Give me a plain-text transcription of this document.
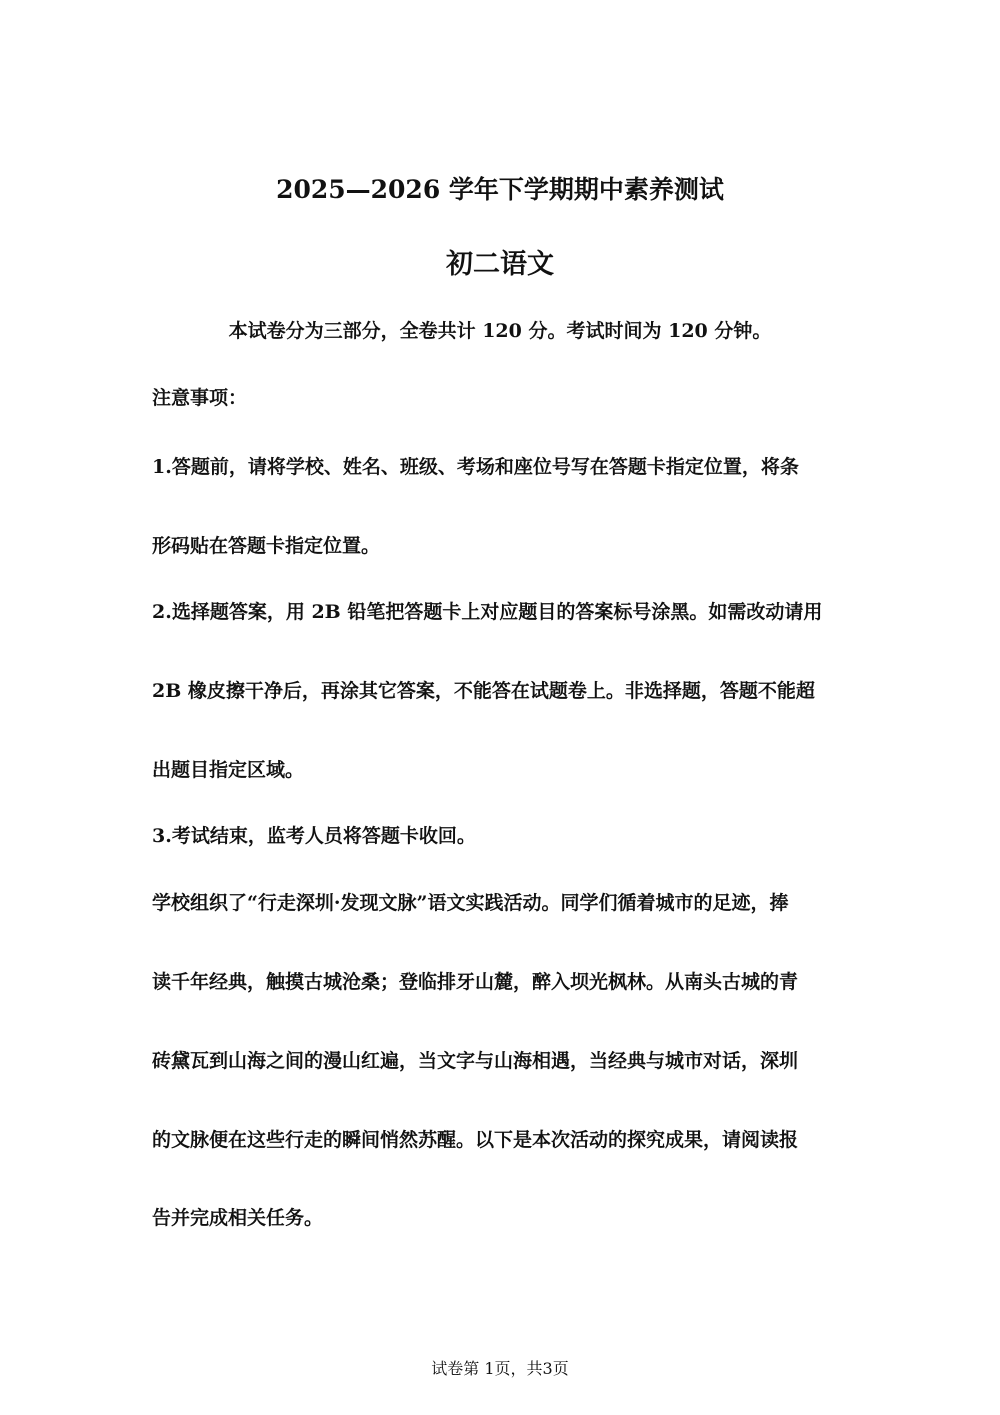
2025—2026 学年下学期期中素养测试
初二语文

本试卷分为三部分，全卷共计 120 分。考试时间为 120 分钟。

注意事项：

1.答题前，请将学校、姓名、班级、考场和座位号写在答题卡指定位置，将条

形码贴在答题卡指定位置。

2.选择题答案，用 2B 铅笔把答题卡上对应题目的答案标号涂黑。如需改动请用

2B 橡皮擦干净后，再涂其它答案，不能答在试题卷上。非选择题，答题不能超

出题目指定区域。

3.考试结束，监考人员将答题卡收回。

学校组织了“行走深圳·发现文脉”语文实践活动。同学们循着城市的足迹，捧

读千年经典，触摸古城沧桑；登临排牙山麓，醉入坝光枫林。从南头古城的青

砖黛瓦到山海之间的漫山红遍，当文字与山海相遇，当经典与城市对话，深圳

的文脉便在这些行走的瞬间悄然苏醒。以下是本次活动的探究成果，请阅读报

告并完成相关任务。

试卷第 1页，共3页
